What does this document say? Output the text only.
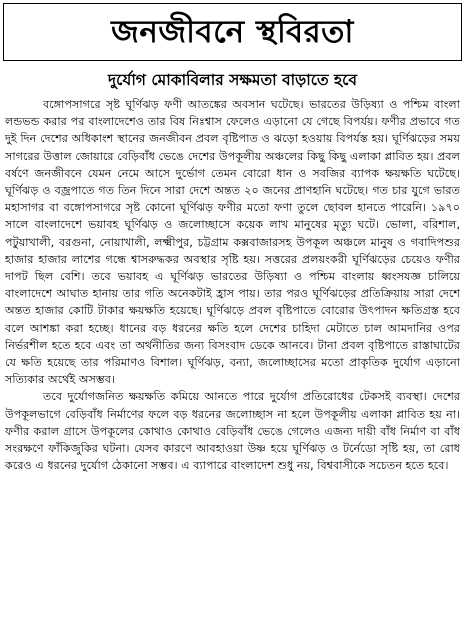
জনজীবনে স্থবিরতা
দুর্যোগ মোকাবিলার সক্ষমতা বাড়াতে হবে

বঙ্গোপসাগরে সৃষ্ট ঘূর্ণিঝড় ফণী আতঙ্কের অবসান ঘটেছে। ভারতের উড়িষ্যা ও পশ্চিম বাংলা লন্ডভন্ড করার পর বাংলাদেশেও তার বিষ নিঃশ্বাস ফেলেও এড়ানো যে গেছে বিপর্যয়। ফণীর প্রভাবে গত দুই দিন দেশের অধিকাংশ স্থানের জনজীবন প্রবল বৃষ্টিপাত ও ঝড়ো হওয়ায় বিপর্যস্ত হয়। ঘূর্ণিঝড়ের সময় সাগরের উত্তাল জোয়ারে বেড়িবাঁধ ভেঙে দেশের উপকূলীয় অঞ্চলের কিছু কিছু এলাকা প্লাবিত হয়। প্রবল বর্ষণে জনজীবনে যেমন নেমে আসে দুর্ভোগ তেমন বোরো ধান ও সবজির ব্যাপক ক্ষয়ক্ষতি ঘটেছে। ঘূর্ণিঝড় ও বজ্রপাতে গত তিন দিনে সারা দেশে অন্তত ২০ জনের প্রাণহানি ঘটেছে। গত চার যুগে ভারত মহাসাগর বা বঙ্গোপসাগরে সৃষ্ট কোনো ঘূর্ণিঝড় ফণীর মতো ফণা তুলে ছোবল হানতে পারেনি। ১৯৭০ সালে বাংলাদেশে ভয়াবহ ঘূর্ণিঝড় ও জলোচ্ছাসে কয়েক লাখ মানুষের মৃত্যু ঘটে। ভোলা, বরিশাল, পটুয়াখালী, বরগুনা, নোয়াখালী, লক্ষ্মীপুর, চট্টগ্রাম কক্সবাজারসহ উপকূল অঞ্চলে মানুষ ও গবাদিপশুর হাজার হাজার লাশের গন্ধে শ্বাসরুদ্ধকর অবস্থার সৃষ্টি হয়। সত্তরের প্রলয়ংকরী ঘূর্ণিঝড়ের চেয়েও ফণীর দাপট ছিল বেশি। তবে ভয়াবহ এ ঘূর্ণিঝড় ভারতের উড়িষ্যা ও পশ্চিম বাংলায় ধ্বংসযজ্ঞ চালিয়ে বাংলাদেশে আঘাত হানায় তার গতি অনেকটাই হ্রাস পায়। তার পরও ঘূর্ণিঝড়ের প্রতিক্রিয়ায় সারা দেশে অন্তত হাজার কোটি টাকার ক্ষয়ক্ষতি হয়েছে। ঘূর্ণিঝড়ে প্রবল বৃষ্টিপাতে বোরোর উৎপাদন ক্ষতিগ্রস্ত হবে বলে আশঙ্কা করা হচ্ছে। ধানের বড় ধরনের ক্ষতি হলে দেশের চাহিদা মেটাতে চাল আমদানির ওপর নির্ভরশীল হতে হবে এবং তা অর্থনীতির জন্য বিসংবাদ ডেকে আনবে। টানা প্রবল বৃষ্টিপাতে রাস্তাঘাটের যে ক্ষতি হয়েছে তার পরিমাণও বিশাল। ঘূর্ণিঝড়, বন্যা, জলোচ্ছাসের মতো প্রাকৃতিক দুর্যোগ এড়ানো সত্যিকার অর্থেই অসম্ভব।

তবে দুর্যোগজনিত ক্ষয়ক্ষতি কমিয়ে আনতে পারে দুর্যোগ প্রতিরোধের টেকসই ব্যবস্থা। দেশের উপকূলভাগে বেড়িবাঁধ নির্মাণের ফলে বড় ধরনের জলোচ্ছাস না হলে উপকূলীয় এলাকা প্লাবিত হয় না। ফণীর করাল গ্রাসে উপকূলের কোথাও কোথাও বেড়িবাঁধ ভেঙে গেলেও এজন্য দায়ী বাঁধ নির্মাণ বা বাঁধ সংরক্ষণে ফাঁকিজুকির ঘটনা। যেসব কারণে আবহাওয়া উষ্ণ হয়ে ঘূর্ণিঝড় ও টর্নেডো সৃষ্টি হয়, তা রোধ করেও এ ধরনের দুর্যোগ ঠেকানো সম্ভব। এ ব্যাপারে বাংলাদেশ শুধু নয়, বিশ্ববাসীকে সচেতন হতে হবে।
